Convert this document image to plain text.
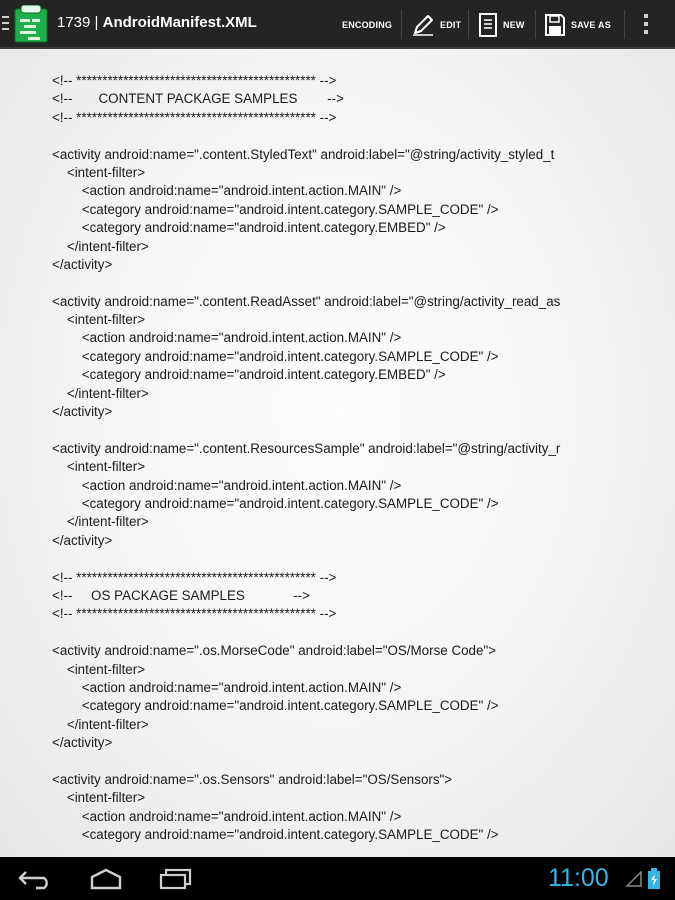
1739 | AndroidManifest.XML	ENCODING	EDIT	NEW	SAVE AS
<!-- ********************************************** -->
<!--       CONTENT PACKAGE SAMPLES        -->
<!-- ********************************************** -->
<activity android:name=".content.StyledText" android:label="@string/activity_styled_t
<intent-filter>
<action android:name="android.intent.action.MAIN" />
<category android:name="android.intent.category.SAMPLE_CODE" />
<category android:name="android.intent.category.EMBED" />
</intent-filter>
</activity>
<activity android:name=".content.ReadAsset" android:label="@string/activity_read_as
<intent-filter>
<action android:name="android.intent.action.MAIN" />
<category android:name="android.intent.category.SAMPLE_CODE" />
<category android:name="android.intent.category.EMBED" />
</intent-filter>
</activity>
<activity android:name=".content.ResourcesSample" android:label="@string/activity_r
<intent-filter>
<action android:name="android.intent.action.MAIN" />
<category android:name="android.intent.category.SAMPLE_CODE" />
</intent-filter>
</activity>
<!-- ********************************************** -->
<!--     OS PACKAGE SAMPLES             -->
<!-- ********************************************** -->
<activity android:name=".os.MorseCode" android:label="OS/Morse Code">
<intent-filter>
<action android:name="android.intent.action.MAIN" />
<category android:name="android.intent.category.SAMPLE_CODE" />
</intent-filter>
</activity>
<activity android:name=".os.Sensors" android:label="OS/Sensors">
<intent-filter>
<action android:name="android.intent.action.MAIN" />
<category android:name="android.intent.category.SAMPLE_CODE" />
11:00
